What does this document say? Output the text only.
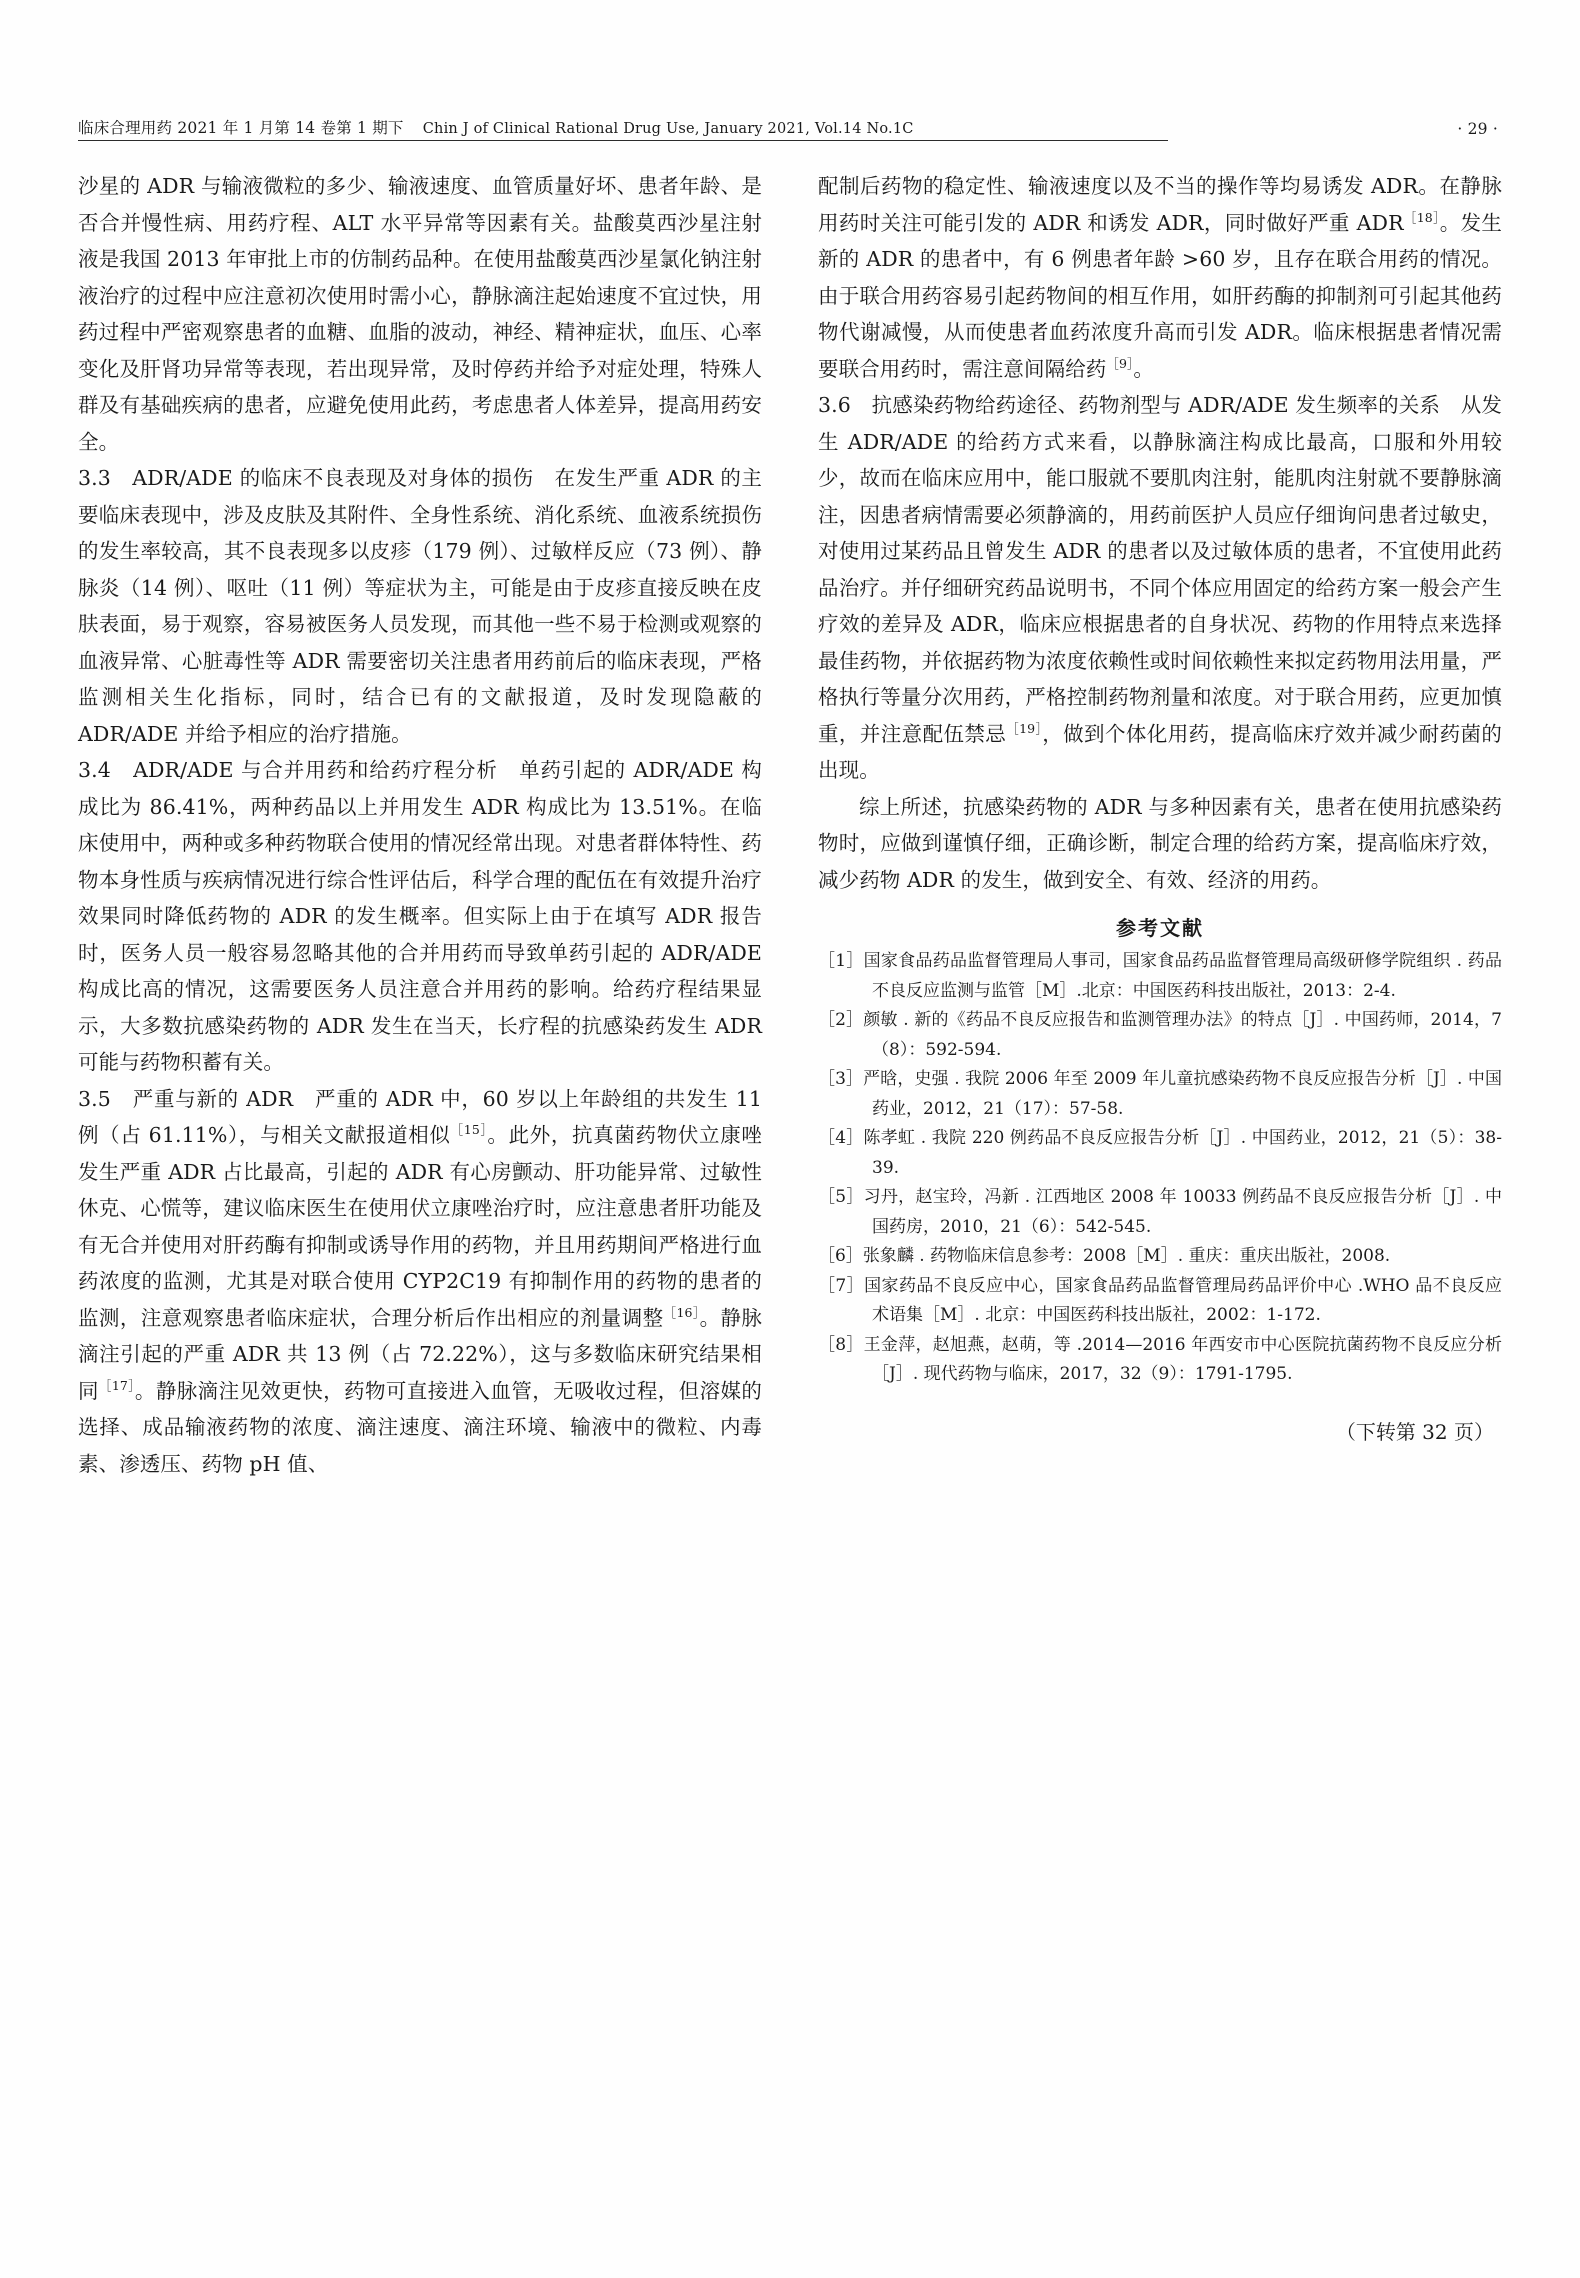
临床合理用药 2021 年 1 月第 14 卷第 1 期下 Chin J of Clinical Rational Drug Use, January 2021, Vol.14 No.1C	· 29 ·

沙星的 ADR 与输液微粒的多少、输液速度、血管质量好坏、患者年龄、是否合并慢性病、用药疗程、ALT 水平异常等因素有关。盐酸莫西沙星注射液是我国 2013 年审批上市的仿制药品种。在使用盐酸莫西沙星氯化钠注射液治疗的过程中应注意初次使用时需小心，静脉滴注起始速度不宜过快，用药过程中严密观察患者的血糖、血脂的波动，神经、精神症状，血压、心率变化及肝肾功异常等表现，若出现异常，及时停药并给予对症处理，特殊人群及有基础疾病的患者，应避免使用此药，考虑患者人体差异，提高用药安全。

3.3　ADR/ADE 的临床不良表现及对身体的损伤　在发生严重 ADR 的主要临床表现中，涉及皮肤及其附件、全身性系统、消化系统、血液系统损伤的发生率较高，其不良表现多以皮疹（179 例）、过敏样反应（73 例）、静脉炎（14 例）、呕吐（11 例）等症状为主，可能是由于皮疹直接反映在皮肤表面，易于观察，容易被医务人员发现，而其他一些不易于检测或观察的血液异常、心脏毒性等 ADR 需要密切关注患者用药前后的临床表现，严格监测相关生化指标，同时，结合已有的文献报道，及时发现隐蔽的 ADR/ADE 并给予相应的治疗措施。

3.4　ADR/ADE 与合并用药和给药疗程分析　单药引起的 ADR/ADE 构成比为 86.41%，两种药品以上并用发生 ADR 构成比为 13.51%。在临床使用中，两种或多种药物联合使用的情况经常出现。对患者群体特性、药物本身性质与疾病情况进行综合性评估后，科学合理的配伍在有效提升治疗效果同时降低药物的 ADR 的发生概率。但实际上由于在填写 ADR 报告时，医务人员一般容易忽略其他的合并用药而导致单药引起的 ADR/ADE 构成比高的情况，这需要医务人员注意合并用药的影响。给药疗程结果显示，大多数抗感染药物的 ADR 发生在当天，长疗程的抗感染药发生 ADR 可能与药物积蓄有关。

3.5　严重与新的 ADR　严重的 ADR 中，60 岁以上年龄组的共发生 11 例（占 61.11%），与相关文献报道相似$^{[15]}$。此外，抗真菌药物伏立康唑发生严重 ADR 占比最高，引起的 ADR 有心房颤动、肝功能异常、过敏性休克、心慌等，建议临床医生在使用伏立康唑治疗时，应注意患者肝功能及有无合并使用对肝药酶有抑制或诱导作用的药物，并且用药期间严格进行血药浓度的监测，尤其是对联合使用 CYP2C19 有抑制作用的药物的患者的监测，注意观察患者临床症状，合理分析后作出相应的剂量调整$^{[16]}$。静脉滴注引起的严重 ADR 共 13 例（占 72.22%），这与多数临床研究结果相同$^{[17]}$。静脉滴注见效更快，药物可直接进入血管，无吸收过程，但溶媒的选择、成品输液药物的浓度、滴注速度、滴注环境、输液中的微粒、内毒素、渗透压、药物 pH 值、

配制后药物的稳定性、输液速度以及不当的操作等均易诱发 ADR。在静脉用药时关注可能引发的 ADR 和诱发 ADR，同时做好严重 $ADR^{[18]}$。发生新的 ADR 的患者中，有 6 例患者年龄 >60 岁，且存在联合用药的情况。由于联合用药容易引起药物间的相互作用，如肝药酶的抑制剂可引起其他药物代谢减慢，从而使患者血药浓度升高而引发 ADR。临床根据患者情况需要联合用药时，需注意间隔给药$^{[9]}$。

3.6　抗感染药物给药途径、药物剂型与 ADR/ADE 发生频率的关系　从发生 ADR/ADE 的给药方式来看，以静脉滴注构成比最高，口服和外用较少，故而在临床应用中，能口服就不要肌肉注射，能肌肉注射就不要静脉滴注，因患者病情需要必须静滴的，用药前医护人员应仔细询问患者过敏史，对使用过某药品且曾发生 ADR 的患者以及过敏体质的患者，不宜使用此药品治疗。并仔细研究药品说明书，不同个体应用固定的给药方案一般会产生疗效的差异及 ADR，临床应根据患者的自身状况、药物的作用特点来选择最佳药物，并依据药物为浓度依赖性或时间依赖性来拟定药物用法用量，严格执行等量分次用药，严格控制药物剂量和浓度。对于联合用药，应更加慎重，并注意配伍禁忌$^{[19]}$，做到个体化用药，提高临床疗效并减少耐药菌的出现。

综上所述，抗感染药物的 ADR 与多种因素有关，患者在使用抗感染药物时，应做到谨慎仔细，正确诊断，制定合理的给药方案，提高临床疗效，减少药物 ADR 的发生，做到安全、有效、经济的用药。

参考文献

［1］国家食品药品监督管理局人事司，国家食品药品监督管理局高级研修学院组织 . 药品不良反应监测与监管［M］.北京：中国医药科技出版社，2013：2-4.

［2］颜敏 . 新的《药品不良反应报告和监测管理办法》的特点［J］. 中国药师，2014，7（8）：592-594.

［3］严晗，史强 . 我院 2006 年至 2009 年儿童抗感染药物不良反应报告分析［J］. 中国药业，2012，21（17）：57-58.

［4］陈孝虹 . 我院 220 例药品不良反应报告分析［J］. 中国药业，2012，21（5）：38-39.

［5］习丹，赵宝玲，冯新 . 江西地区 2008 年 10033 例药品不良反应报告分析［J］. 中国药房，2010，21（6）：542-545.

［6］张象麟 . 药物临床信息参考：2008［M］. 重庆：重庆出版社，2008.

［7］国家药品不良反应中心，国家食品药品监督管理局药品评价中心 .WHO 品不良反应术语集［M］. 北京：中国医药科技出版社，2002：1-172.

［8］王金萍，赵旭燕，赵萌，等 .2014—2016 年西安市中心医院抗菌药物不良反应分析［J］. 现代药物与临床，2017，32（9）：1791-1795.

（下转第 32 页）
